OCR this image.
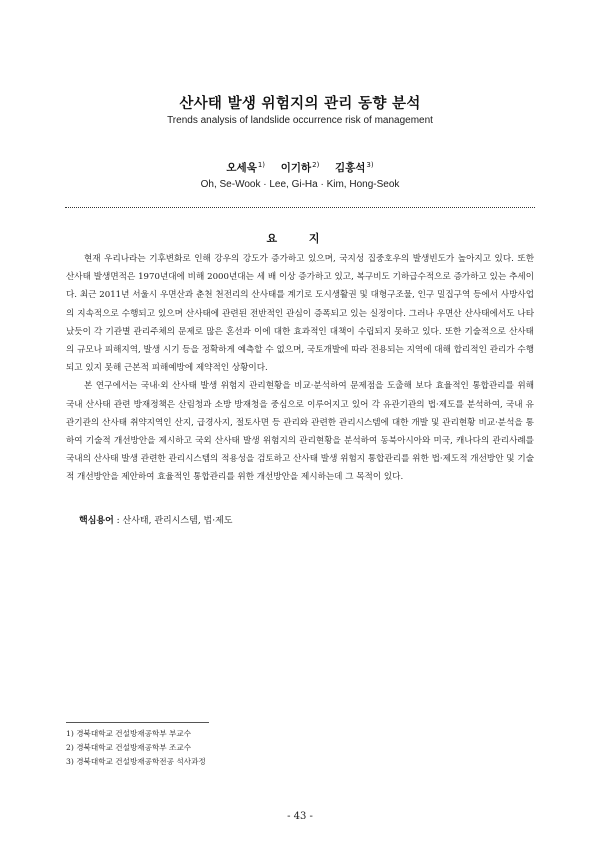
산사태 발생 위험지의 관리 동향 분석
Trends analysis of landslide occurrence risk of management
오세욱$^{1)}$ 이기하$^{2)}$ 김홍석$^{3)}$
Oh, Se-Wook · Lee, Gi-Ha · Kim, Hong-Seok
요 지

현재 우리나라는 기후변화로 인해 강우의 강도가 증가하고 있으며, 국지성 집중호우의 발생빈도가 높아지고 있다. 또한 산사태 발생면적은 1970년대에 비해 2000년대는 세 배 이상 증가하고 있고, 복구비도 기하급수적으로 증가하고 있는 추세이다. 최근 2011년 서울시 우면산과 춘천 천전리의 산사태를 계기로 도시생활권 및 대형구조물, 인구 밀집구역 등에서 사방사업의 지속적으로 수행되고 있으며 산사태에 관련된 전반적인 관심이 증폭되고 있는 실정이다. 그러나 우면산 산사태에서도 나타났듯이 각 기관별 관리주체의 문제로 많은 혼선과 이에 대한 효과적인 대책이 수립되지 못하고 있다. 또한 기술적으로 산사태의 규모나 피해지역, 발생 시기 등을 정확하게 예측할 수 없으며, 국토개발에 따라 전용되는 지역에 대해 합리적인 관리가 수행되고 있지 못해 근본적 피해예방에 제약적인 상황이다.

본 연구에서는 국내·외 산사태 발생 위험지 관리현황을 비교·분석하여 문제점을 도출해 보다 효율적인 통합관리를 위해 국내 산사태 관련 방재정책은 산림청과 소방 방재청을 중심으로 이루어지고 있어 각 유관기관의 법·제도를 분석하여, 국내 유관기관의 산사태 취약지역인 산지, 급경사지, 절토사면 등 관리와 관련한 관리시스템에 대한 개발 및 관리현황 비교·분석을 통하여 기술적 개선방안을 제시하고 국외 산사태 발생 위험지의 관리현황을 분석하여 동북아시아와 미국, 캐나다의 관리사례를 국내의 산사태 발생 관련한 관리시스템의 적용성을 검토하고 산사태 발생 위험지 통합관리를 위한 법·제도적 개선방안 및 기술적 개선방안을 제안하여 효율적인 통합관리를 위한 개선방안을 제시하는데 그 목적이 있다.

핵심용어 : 산사태, 관리시스템, 법·제도
1) 경북대학교 건설방재공학부 부교수
2) 경북대학교 건설방재공학부 조교수
3) 경북대학교 건설방재공학전공 석사과정
- 43 -
